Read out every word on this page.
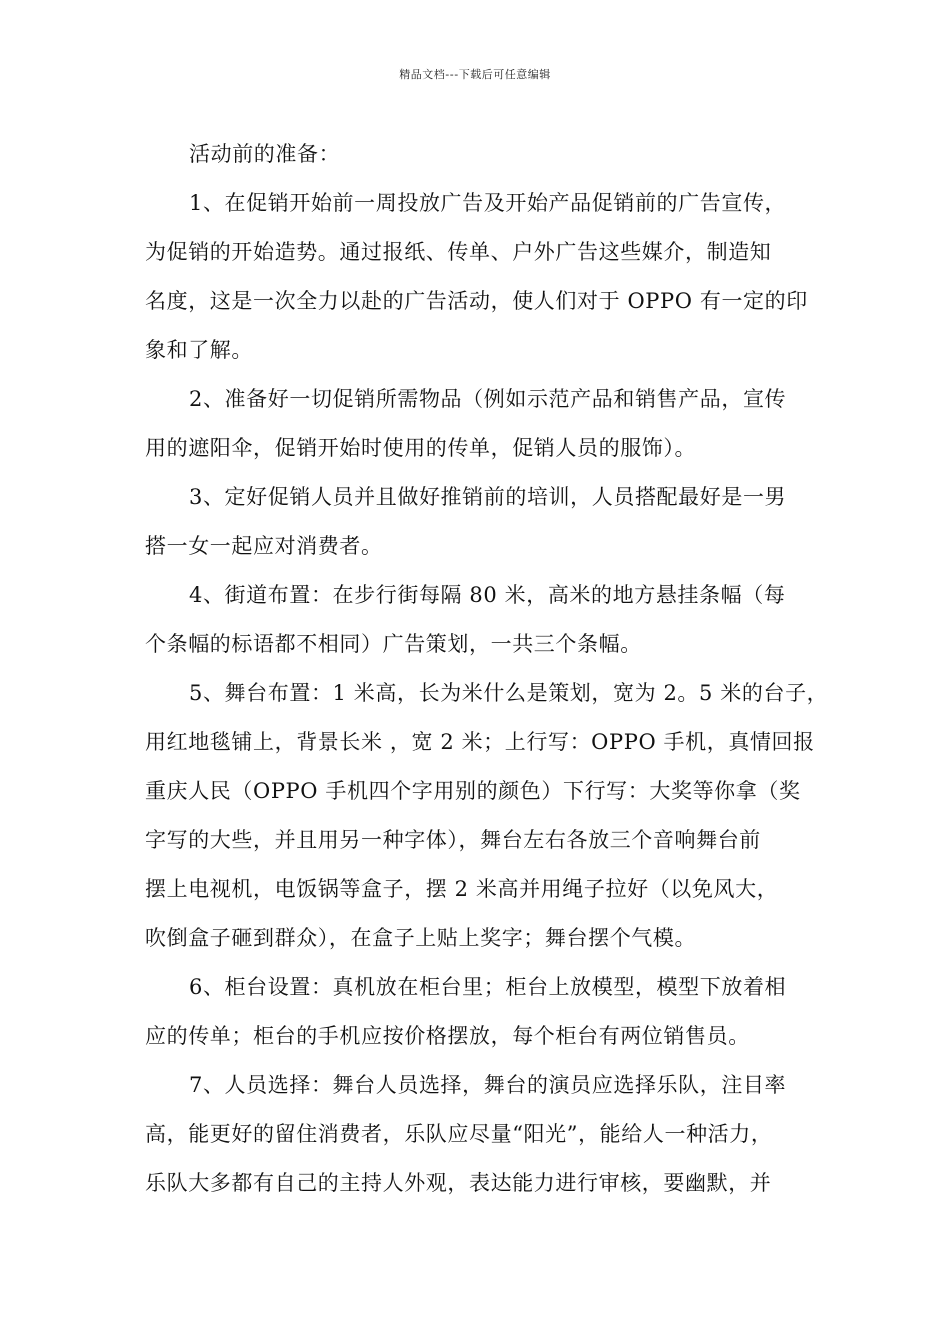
精品文档---下载后可任意编辑
活动前的准备：
1、在促销开始前一周投放广告及开始产品促销前的广告宣传，
为促销的开始造势。通过报纸、传单、户外广告这些媒介，制造知
名度，这是一次全力以赴的广告活动，使人们对于 OPPO 有一定的印
象和了解。
2、准备好一切促销所需物品（例如示范产品和销售产品，宣传
用的遮阳伞，促销开始时使用的传单，促销人员的服饰）。
3、定好促销人员并且做好推销前的培训，人员搭配最好是一男
搭一女一起应对消费者。
4、街道布置：在步行街每隔 80 米，高米的地方悬挂条幅（每
个条幅的标语都不相同）广告策划，一共三个条幅。
5、舞台布置：1 米高，长为米什么是策划，宽为 2。5 米的台子，
用红地毯铺上，背景长米 ，宽 2 米；上行写：OPPO 手机，真情回报
重庆人民（OPPO 手机四个字用别的颜色）下行写：大奖等你拿（奖
字写的大些，并且用另一种字体），舞台左右各放三个音响舞台前
摆上电视机，电饭锅等盒子，摆 2 米高并用绳子拉好（以免风大，
吹倒盒子砸到群众），在盒子上贴上奖字；舞台摆个气模。
6、柜台设置：真机放在柜台里；柜台上放模型，模型下放着相
应的传单；柜台的手机应按价格摆放，每个柜台有两位销售员。
7、人员选择：舞台人员选择，舞台的演员应选择乐队，注目率
高，能更好的留住消费者，乐队应尽量“阳光”，能给人一种活力，
乐队大多都有自己的主持人外观，表达能力进行审核，要幽默，并
